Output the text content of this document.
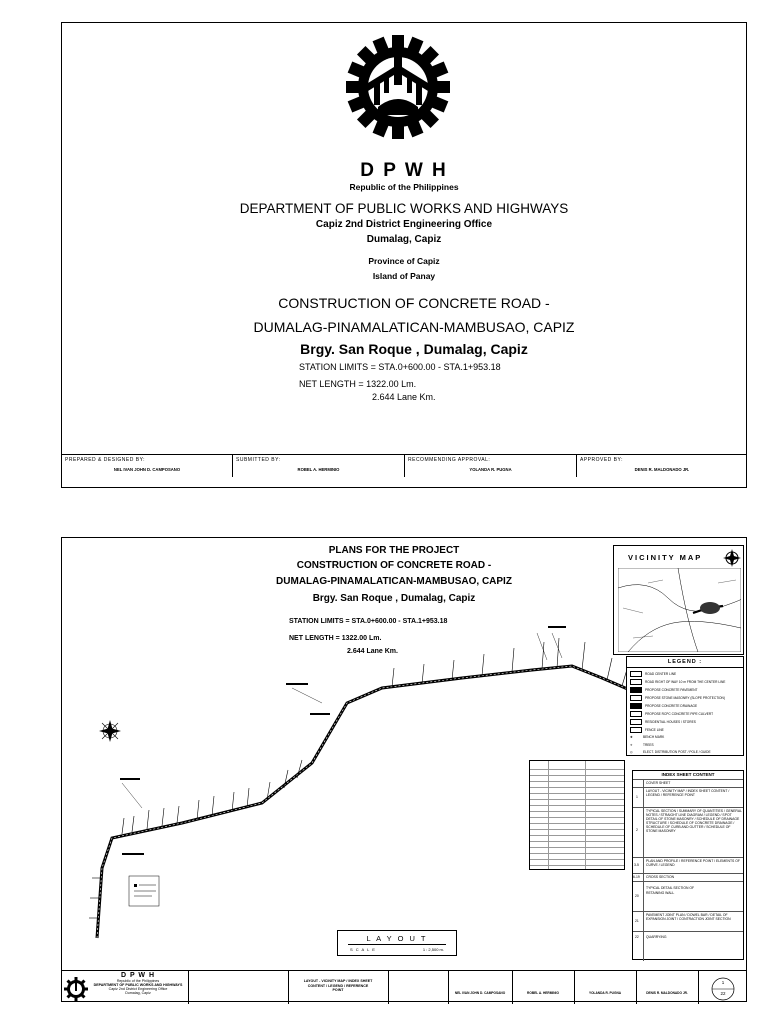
D P W H
Republic of the Philippines
DEPARTMENT OF PUBLIC WORKS AND HIGHWAYS
Capiz 2nd District Engineering Office
Dumalag, Capiz
Province of Capiz
Island of Panay
CONSTRUCTION OF CONCRETE ROAD -
DUMALAG-PINAMALATICAN-MAMBUSAO, CAPIZ
Brgy. San Roque , Dumalag, Capiz
STATION LIMITS = STA.0+600.00 - STA.1+953.18
NET LENGTH = 1322.00 Lm.
2.644 Lane Km.
PREPARED & DESIGNED BY:
NEL IVAN JOHN D. CAMPOSANO
SUBMITTED BY:
ROBEL A. HERMINIO
RECOMMENDING APPROVAL:
YOLANDA R. PUGNA
APPROVED BY:
DENIS R. MALDONADO JR.
PLANS FOR THE PROJECT
CONSTRUCTION OF CONCRETE ROAD -
DUMALAG-PINAMALATICAN-MAMBUSAO, CAPIZ
Brgy. San Roque , Dumalag, Capiz
STATION LIMITS = STA.0+600.00 - STA.1+953.18
NET LENGTH = 1322.00 Lm.
2.644 Lane Km.
VICINITY MAP
LEGEND :
ROAD CENTER LINE
ROAD RIGHT OF WAY 10 m FROM THE CENTER LINE
PROPOSE CONCRETE PAVEMENT
PROPOSE STONE MASONRY (SLOPE PROTECTION)
PROPOSE CONCRETE DRAINAGE
PROPOSE RCPC CONCRETE PIPE CULVERT
RESIDENTIAL HOUSES / STORES
FENCE LINE
✚	BENCH MARK
✳	TREES
◎	ELECT. DISTRIBUTION POST / POLE / GUIDE
INDEX SHEET CONTENT
COVER SHEET
1
LAYOUT - VICINITY MAP / INDEX SHEET CONTENT / LEGEND / REFERENCE POINT
2
TYPICAL SECTION / SUMMARY OF QUANTITIES / GENERAL NOTES / STRAIGHT LINE DIAGRAM / LEGEND / SPOT DETAIL OF STONE MASONRY / SCHEDULE OF DRAINAGE STRUCTURE / SCHEDULE OF CONCRETE DRAINAGE / SCHEDULE OF CURB AND GUTTER / SCHEDULE OF STONE MASONRY
3-5
PLAN AND PROFILE / REFERENCE POINT / ELEMENTS OF CURVE / LEGEND
6-19 CROSS SECTION
20
TYPICAL DETAIL SECTION OF RETAINING WALL
21
PAVEMENT JOINT PLAN / DOWEL BAR / DETAIL OF EXPANSION JOINT / CONTRACTION JOINT SECTION
22 QUARRYING
L A Y O U T
S C A L E	1 : 2,500 m.
D P W H
Republic of the Philippines
DEPARTMENT OF PUBLIC WORKS AND HIGHWAYS
Capiz 2nd District Engineering Office
Dumalag, Capiz
LAYOUT - VICINITY MAP / INDEX SHEET CONTENT / LEGEND / REFERENCE POINT
NEL IVAN JOHN D. CAMPOSANO	ROBEL A. HERMINIO	YOLANDA R. PUGNA	DENIS R. MALDONADO JR.
1
22
